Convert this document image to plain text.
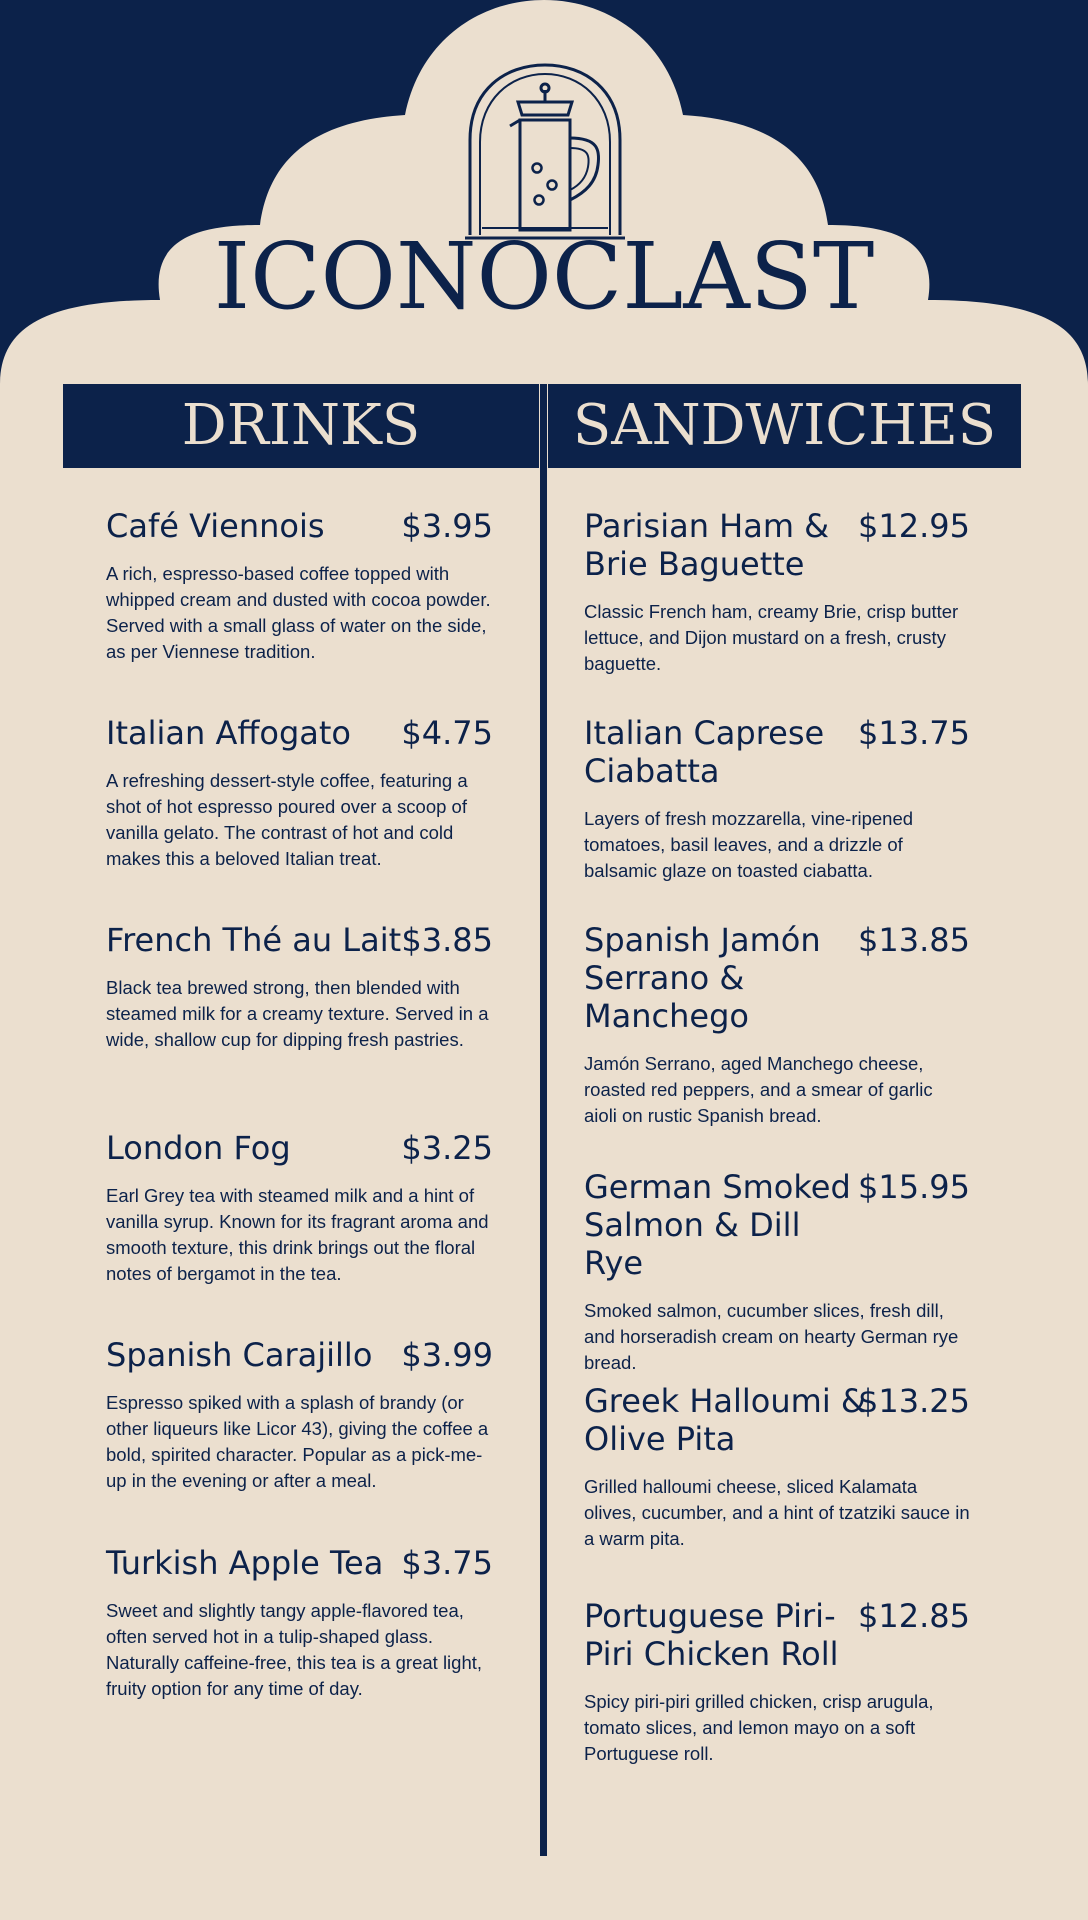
ICONOCLAST
DRINKS	SANDWICHES
Café Viennois	$3.95
A rich, espresso-based coffee topped with whipped cream and dusted with cocoa powder. Served with a small glass of water on the side, as per Viennese tradition.
Italian Affogato	$4.75
A refreshing dessert-style coffee, featuring a shot of hot espresso poured over a scoop of vanilla gelato. The contrast of hot and cold makes this a beloved Italian treat.
French Thé au Lait $3.85
Black tea brewed strong, then blended with steamed milk for a creamy texture. Served in a wide, shallow cup for dipping fresh pastries.
London Fog	$3.25
Earl Grey tea with steamed milk and a hint of vanilla syrup. Known for its fragrant aroma and smooth texture, this drink brings out the floral notes of bergamot in the tea.
Spanish Carajillo $3.99
Espresso spiked with a splash of brandy (or other liqueurs like Licor 43), giving the coffee a bold, spirited character. Popular as a pick-me-up in the evening or after a meal.
Turkish Apple Tea $3.75
Sweet and slightly tangy apple-flavored tea, often served hot in a tulip-shaped glass. Naturally caffeine-free, this tea is a great light, fruity option for any time of day.
Parisian Ham & Brie Baguette
$12.95
Classic French ham, creamy Brie, crisp butter lettuce, and Dijon mustard on a fresh, crusty baguette.
Italian Caprese Ciabatta
$13.75
Layers of fresh mozzarella, vine-ripened tomatoes, basil leaves, and a drizzle of balsamic glaze on toasted ciabatta.
Spanish Jamón Serrano & Manchego
$13.85
Jamón Serrano, aged Manchego cheese, roasted red peppers, and a smear of garlic aioli on rustic Spanish bread.
German Smoked Salmon & Dill Rye
$15.95
Smoked salmon, cucumber slices, fresh dill, and horseradish cream on hearty German rye bread.
Greek Halloumi & Olive Pita
$13.25
Grilled halloumi cheese, sliced Kalamata olives, cucumber, and a hint of tzatziki sauce in a warm pita.
Portuguese Piri-Piri Chicken Roll
$12.85
Spicy piri-piri grilled chicken, crisp arugula, tomato slices, and lemon mayo on a soft Portuguese roll.
